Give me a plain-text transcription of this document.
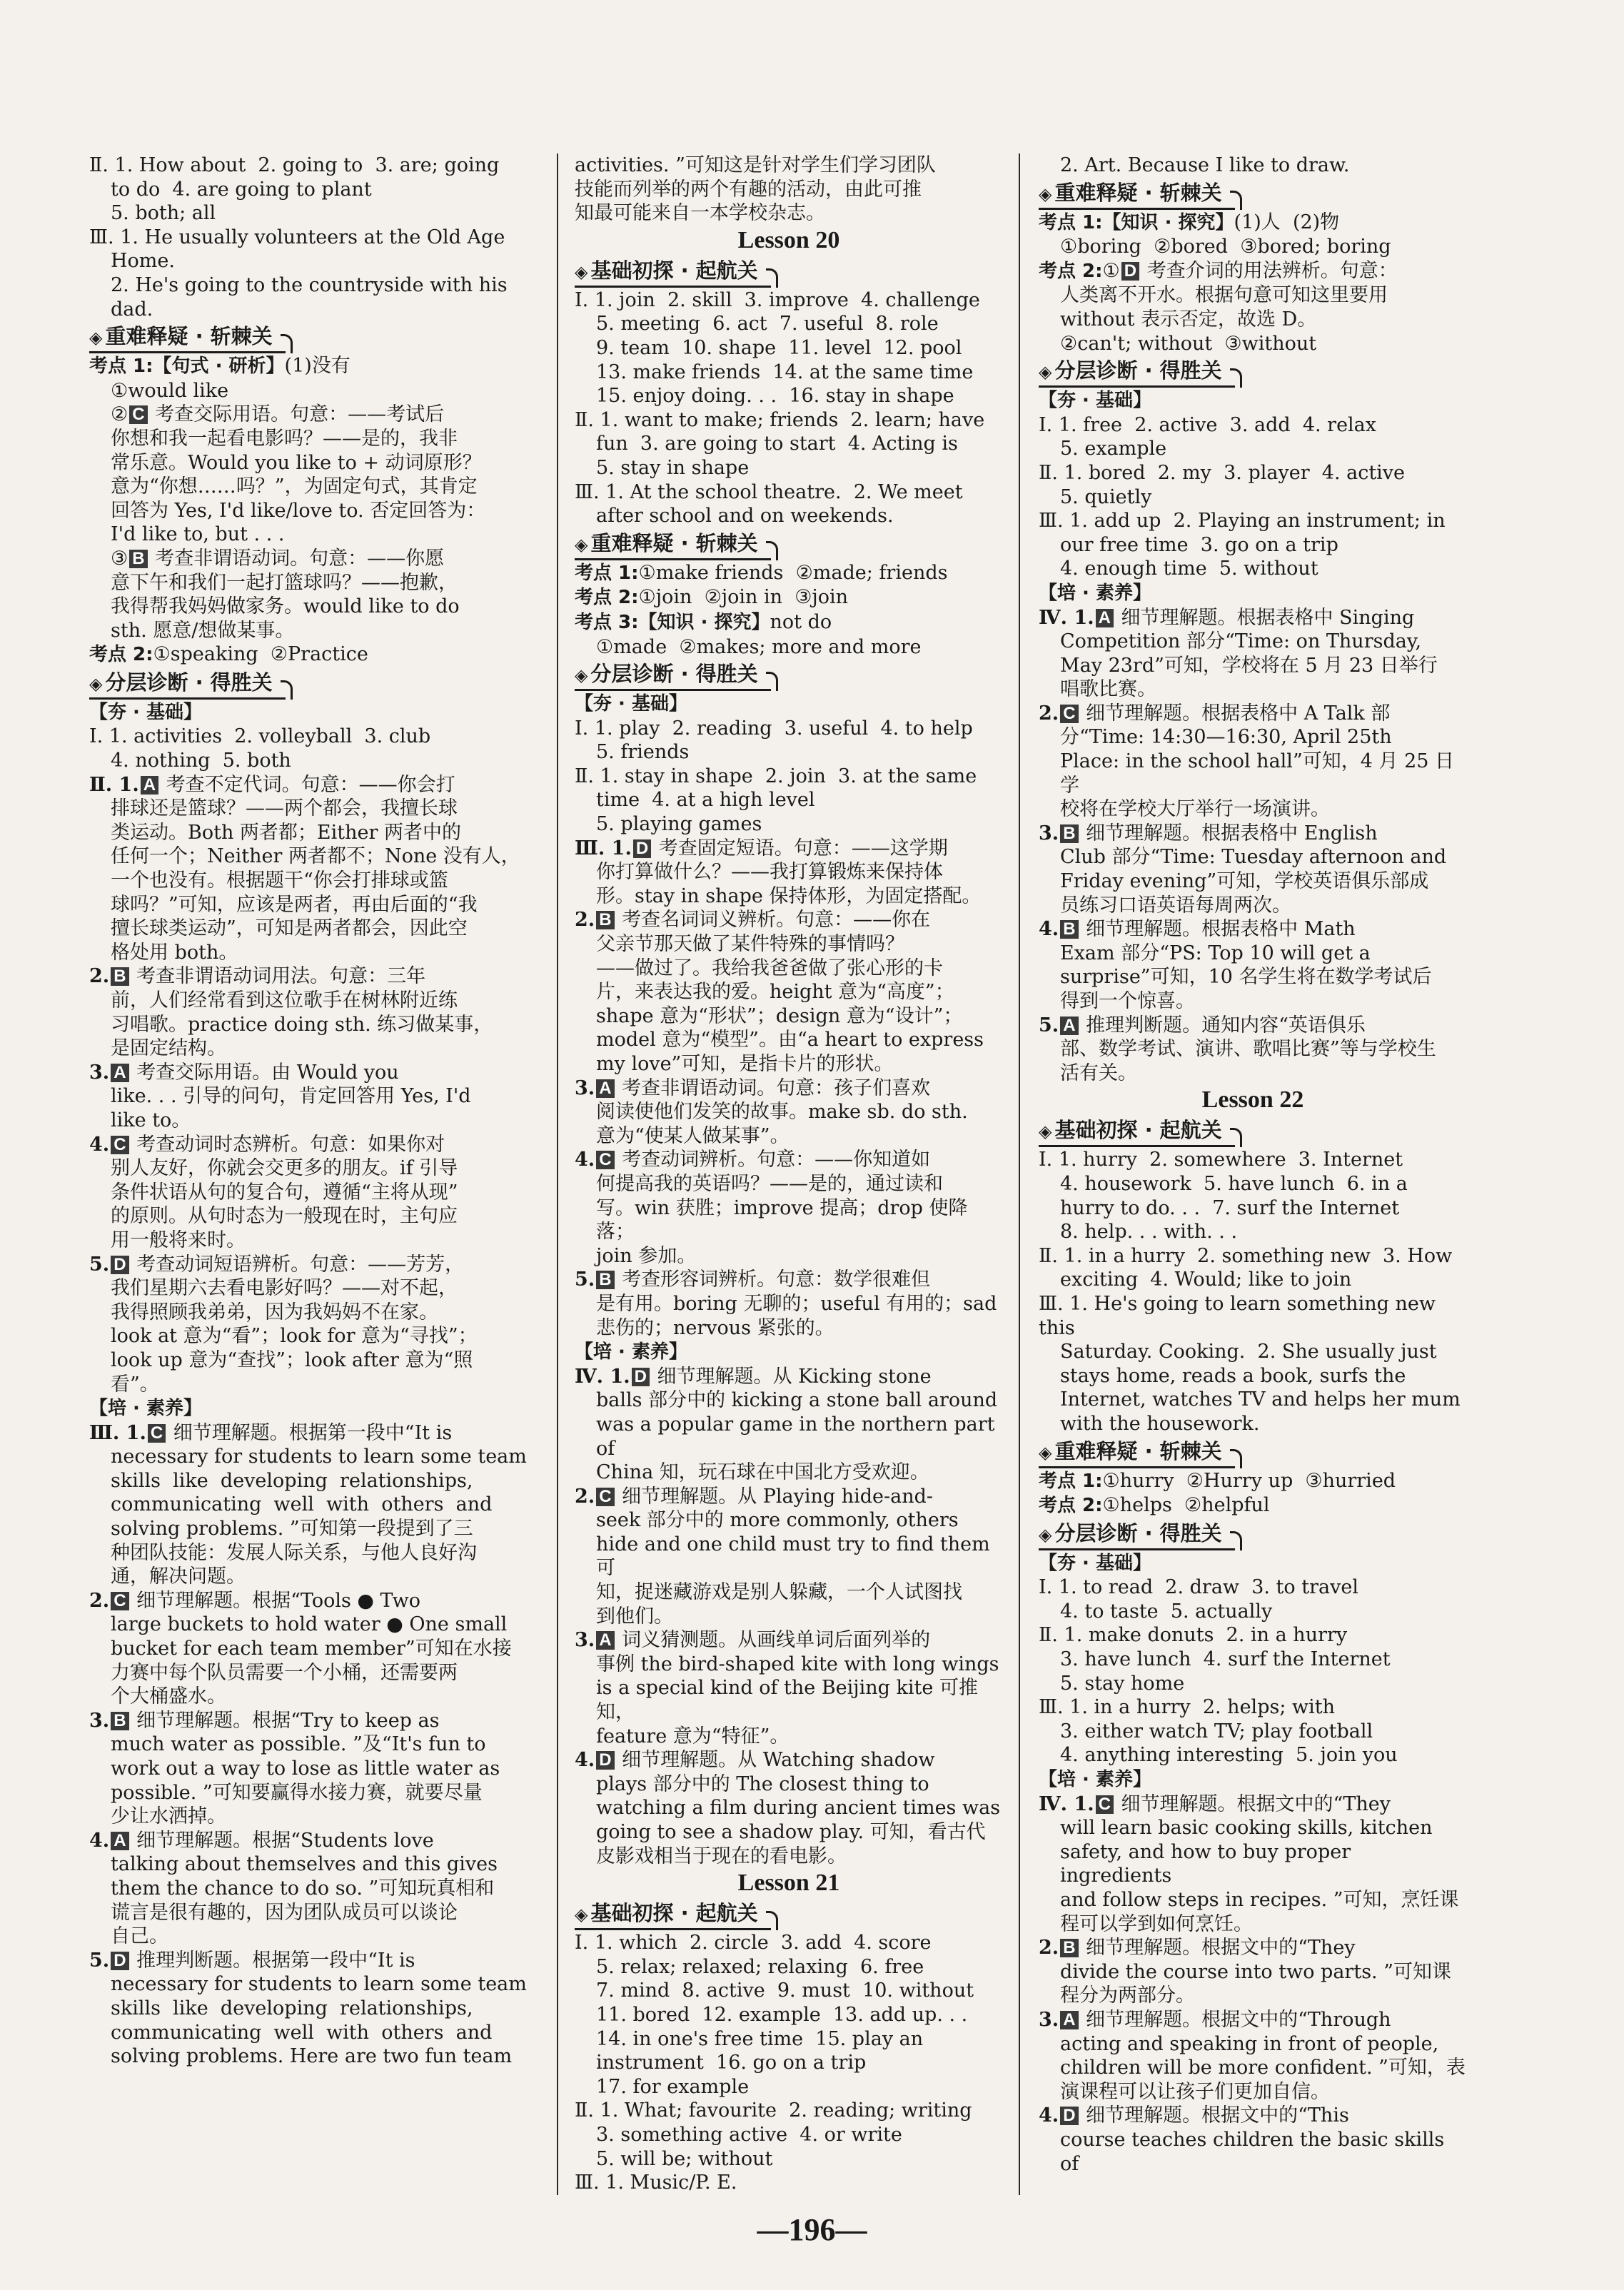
Ⅱ. 1. How about  2. going to  3. are; going
to do  4. are going to plant
5. both; all
Ⅲ. 1. He usually volunteers at the Old Age
Home.
2. He's going to the countryside with his
dad.
◈ 重难释疑 · 斩棘关
考点 1:【句式 · 研析】(1)没有
①would like
② C 考查交际用语。句意：——考试后
你想和我一起看电影吗？——是的，我非
常乐意。Would you like to + 动词原形？
意为“你想……吗？”，为固定句式，其肯定
回答为 Yes, I'd like/love to. 否定回答为：
I'd like to, but . . .
③ B 考查非谓语动词。句意：——你愿
意下午和我们一起打篮球吗？——抱歉，
我得帮我妈妈做家务。would like to do
sth. 愿意/想做某事。
考点 2:①speaking  ②Practice
◈ 分层诊断 · 得胜关
【夯 · 基础】
Ⅰ. 1. activities  2. volleyball  3. club
4. nothing  5. both
Ⅱ. 1. A 考查不定代词。句意：——你会打
排球还是篮球？——两个都会，我擅长球
类运动。Both 两者都；Either 两者中的
任何一个；Neither 两者都不；None 没有人，
一个也没有。根据题干“你会打排球或篮
球吗？”可知，应该是两者，再由后面的“我
擅长球类运动”，可知是两者都会，因此空
格处用 both。
2. B 考查非谓语动词用法。句意：三年
前，人们经常看到这位歌手在树林附近练
习唱歌。practice doing sth. 练习做某事，
是固定结构。
3. A 考查交际用语。由 Would you
like. . . 引导的问句，肯定回答用 Yes, I'd
like to。
4. C 考查动词时态辨析。句意：如果你对
别人友好，你就会交更多的朋友。if 引导
条件状语从句的复合句，遵循“主将从现”
的原则。从句时态为一般现在时，主句应
用一般将来时。
5. D 考查动词短语辨析。句意：——芳芳，
我们星期六去看电影好吗？——对不起，
我得照顾我弟弟，因为我妈妈不在家。
look at 意为“看”；look for 意为“寻找”；
look up 意为“查找”；look after 意为“照
看”。
【培 · 素养】
Ⅲ. 1. C 细节理解题。根据第一段中“It is
necessary for students to learn some team
skills  like  developing  relationships,
communicating  well  with  others  and
solving problems. ”可知第一段提到了三
种团队技能：发展人际关系，与他人良好沟
通，解决问题。
2. C 细节理解题。根据“Tools ● Two
large buckets to hold water ● One small
bucket for each team member”可知在水接
力赛中每个队员需要一个小桶，还需要两
个大桶盛水。
3. B 细节理解题。根据“Try to keep as
much water as possible. ”及“It's fun to
work out a way to lose as little water as
possible. ”可知要赢得水接力赛，就要尽量
少让水洒掉。
4. A 细节理解题。根据“Students love
talking about themselves and this gives
them the chance to do so. ”可知玩真相和
谎言是很有趣的，因为团队成员可以谈论
自己。
5. D 推理判断题。根据第一段中“It is
necessary for students to learn some team
skills  like  developing  relationships,
communicating  well  with  others  and
solving problems. Here are two fun team
activities. ”可知这是针对学生们学习团队
技能而列举的两个有趣的活动，由此可推
知最可能来自一本学校杂志。
Lesson 20
◈ 基础初探 · 起航关
Ⅰ. 1. join  2. skill  3. improve  4. challenge
5. meeting  6. act  7. useful  8. role
9. team  10. shape  11. level  12. pool
13. make friends  14. at the same time
15. enjoy doing. . .  16. stay in shape
Ⅱ. 1. want to make; friends  2. learn; have
fun  3. are going to start  4. Acting is
5. stay in shape
Ⅲ. 1. At the school theatre.  2. We meet
after school and on weekends.
◈ 重难释疑 · 斩棘关
考点 1:①make friends  ②made; friends
考点 2:①join  ②join in  ③join
考点 3:【知识 · 探究】not do
①made  ②makes; more and more
◈ 分层诊断 · 得胜关
【夯 · 基础】
Ⅰ. 1. play  2. reading  3. useful  4. to help
5. friends
Ⅱ. 1. stay in shape  2. join  3. at the same
time  4. at a high level
5. playing games
Ⅲ. 1. D 考查固定短语。句意：——这学期
你打算做什么？——我打算锻炼来保持体
形。stay in shape 保持体形，为固定搭配。
2. B 考查名词词义辨析。句意：——你在
父亲节那天做了某件特殊的事情吗？
——做过了。我给我爸爸做了张心形的卡
片，来表达我的爱。height 意为“高度”；
shape 意为“形状”；design 意为“设计”；
model 意为“模型”。由“a heart to express
my love”可知，是指卡片的形状。
3. A 考查非谓语动词。句意：孩子们喜欢
阅读使他们发笑的故事。make sb. do sth.
意为“使某人做某事”。
4. C 考查动词辨析。句意：——你知道如
何提高我的英语吗？——是的，通过读和
写。win 获胜；improve 提高；drop 使降落；
join 参加。
5. B 考查形容词辨析。句意：数学很难但
是有用。boring 无聊的；useful 有用的；sad
悲伤的；nervous 紧张的。
【培 · 素养】
Ⅳ. 1. D 细节理解题。从 Kicking stone
balls 部分中的 kicking a stone ball around
was a popular game in the northern part of
China 知，玩石球在中国北方受欢迎。
2. C 细节理解题。从 Playing hide-and-
seek 部分中的 more commonly, others
hide and one child must try to find them 可
知，捉迷藏游戏是别人躲藏，一个人试图找
到他们。
3. A 词义猜测题。从画线单词后面列举的
事例 the bird-shaped kite with long wings
is a special kind of the Beijing kite 可推知，
feature 意为“特征”。
4. D 细节理解题。从 Watching shadow
plays 部分中的 The closest thing to
watching a film during ancient times was
going to see a shadow play. 可知，看古代
皮影戏相当于现在的看电影。
Lesson 21
◈ 基础初探 · 起航关
Ⅰ. 1. which  2. circle  3. add  4. score
5. relax; relaxed; relaxing  6. free
7. mind  8. active  9. must  10. without
11. bored  12. example  13. add up. . .
14. in one's free time  15. play an
instrument  16. go on a trip
17. for example
Ⅱ. 1. What; favourite  2. reading; writing
3. something active  4. or write
5. will be; without
Ⅲ. 1. Music/P. E.
2. Art. Because I like to draw.
◈ 重难释疑 · 斩棘关
考点 1:【知识 · 探究】(1)人  (2)物
①boring  ②bored  ③bored; boring
考点 2:① D 考查介词的用法辨析。句意：
人类离不开水。根据句意可知这里要用
without 表示否定，故选 D。
②can't; without  ③without
◈ 分层诊断 · 得胜关
【夯 · 基础】
Ⅰ. 1. free  2. active  3. add  4. relax
5. example
Ⅱ. 1. bored  2. my  3. player  4. active
5. quietly
Ⅲ. 1. add up  2. Playing an instrument; in
our free time  3. go on a trip
4. enough time  5. without
【培 · 素养】
Ⅳ. 1. A 细节理解题。根据表格中 Singing
Competition 部分“Time: on Thursday,
May 23rd”可知，学校将在 5 月 23 日举行
唱歌比赛。
2. C 细节理解题。根据表格中 A Talk 部
分“Time: 14:30—16:30, April 25th
Place: in the school hall”可知，4 月 25 日学
校将在学校大厅举行一场演讲。
3. B 细节理解题。根据表格中 English
Club 部分“Time: Tuesday afternoon and
Friday evening”可知，学校英语俱乐部成
员练习口语英语每周两次。
4. B 细节理解题。根据表格中 Math
Exam 部分“PS: Top 10 will get a
surprise”可知，10 名学生将在数学考试后
得到一个惊喜。
5. A 推理判断题。通知内容“英语俱乐
部、数学考试、演讲、歌唱比赛”等与学校生
活有关。
Lesson 22
◈ 基础初探 · 起航关
Ⅰ. 1. hurry  2. somewhere  3. Internet
4. housework  5. have lunch  6. in a
hurry to do. . .  7. surf the Internet
8. help. . . with. . .
Ⅱ. 1. in a hurry  2. something new  3. How
exciting  4. Would; like to join
Ⅲ. 1. He's going to learn something new this
Saturday. Cooking.  2. She usually just
stays home, reads a book, surfs the
Internet, watches TV and helps her mum
with the housework.
◈ 重难释疑 · 斩棘关
考点 1:①hurry  ②Hurry up  ③hurried
考点 2:①helps  ②helpful
◈ 分层诊断 · 得胜关
【夯 · 基础】
Ⅰ. 1. to read  2. draw  3. to travel
4. to taste  5. actually
Ⅱ. 1. make donuts  2. in a hurry
3. have lunch  4. surf the Internet
5. stay home
Ⅲ. 1. in a hurry  2. helps; with
3. either watch TV; play football
4. anything interesting  5. join you
【培 · 素养】
Ⅳ. 1. C 细节理解题。根据文中的“They
will learn basic cooking skills, kitchen
safety, and how to buy proper ingredients
and follow steps in recipes. ”可知，烹饪课
程可以学到如何烹饪。
2. B 细节理解题。根据文中的“They
divide the course into two parts. ”可知课
程分为两部分。
3. A 细节理解题。根据文中的“Through
acting and speaking in front of people,
children will be more confident. ”可知，表
演课程可以让孩子们更加自信。
4. D 细节理解题。根据文中的“This
course teaches children the basic skills of
—196—
